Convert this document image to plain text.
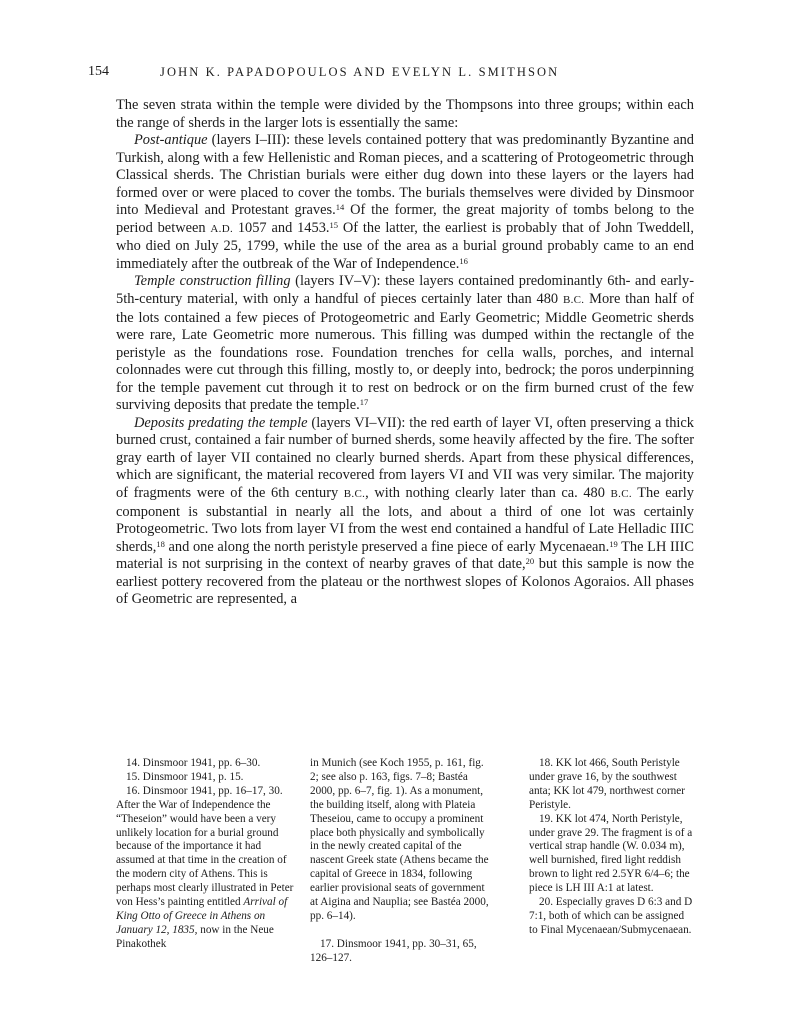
154	JOHN K. PAPADOPOULOS AND EVELYN L. SMITHSON

The seven strata within the temple were divided by the Thompsons into three groups; within each the range of sherds in the larger lots is essentially the same:

Post-antique (layers I–III): these levels contained pottery that was predominantly Byzantine and Turkish, along with a few Hellenistic and Roman pieces, and a scattering of Protogeometric through Classical sherds. The Christian burials were either dug down into these layers or the layers had formed over or were placed to cover the tombs. The burials themselves were divided by Dinsmoor into Medieval and Protestant graves.$^{14}$ Of the former, the great majority of tombs belong to the period between A.D. 1057 and 1453.15 Of the latter, the earliest is probably that of John Tweddell, who died on July 25, 1799, while the use of the area as a burial ground probably came to an end immediately after the outbreak of the War of Independence.$^{16}$

Temple construction filling (layers IV–V): these layers contained predominantly 6th- and early-5th-century material, with only a handful of pieces certainly later than 480 B.C. More than half of the lots contained a few pieces of Protogeometric and Early Geometric; Middle Geometric sherds were rare, Late Geometric more numerous. This filling was dumped within the rectangle of the peristyle as the foundations rose. Foundation trenches for cella walls, porches, and internal colonnades were cut through this filling, mostly to, or deeply into, bedrock; the poros underpinning for the temple pavement cut through it to rest on bedrock or on the firm burned crust of the few surviving deposits that predate the temple.$^{17}$

Deposits predating the temple (layers VI–VII): the red earth of layer VI, often preserving a thick burned crust, contained a fair number of burned sherds, some heavily affected by the fire. The softer gray earth of layer VII contained no clearly burned sherds. Apart from these physical differences, which are significant, the material recovered from layers VI and VII was very similar. The majority of fragments were of the 6th century B.C., with nothing clearly later than ca. 480 B.C. The early component is substantial in nearly all the lots, and about a third of one lot was certainly Protogeometric. Two lots from layer VI from the west end contained a handful of Late Helladic IIIC sherds,$^{18}$ and one along the north peristyle preserved a fine piece of early Mycenaean.$^{19}$ The LH IIIC material is not surprising in the context of nearby graves of that date,$^{20}$ but this sample is now the earliest pottery recovered from the plateau or the northwest slopes of Kolonos Agoraios. All phases of Geometric are represented, a

14. Dinsmoor 1941, pp. 6–30.

15. Dinsmoor 1941, p. 15.

16. Dinsmoor 1941, pp. 16–17, 30. After the War of Independence the “Theseion” would have been a very unlikely location for a burial ground because of the importance it had assumed at that time in the creation of the modern city of Athens. This is perhaps most clearly illustrated in Peter von Hess’s painting entitled Arrival of King Otto of Greece in Athens on January 12, 1835, now in the Neue Pinakothek

in Munich (see Koch 1955, p. 161, fig. 2; see also p. 163, figs. 7–8; Bastéa 2000, pp. 6–7, fig. 1). As a monument, the building itself, along with Plateia Theseiou, came to occupy a prominent place both physically and symbolically in the newly created capital of the nascent Greek state (Athens became the capital of Greece in 1834, following earlier provisional seats of government at Aigina and Nauplia; see Bastéa 2000, pp. 6–14).

17. Dinsmoor 1941, pp. 30–31, 65, 126–127.

18. KK lot 466, South Peristyle under grave 16, by the southwest anta; KK lot 479, northwest corner Peristyle.

19. KK lot 474, North Peristyle, under grave 29. The fragment is of a vertical strap handle (W. 0.034 m), well burnished, fired light reddish brown to light red 2.5YR 6/4–6; the piece is LH III A:1 at latest.

20. Especially graves D 6:3 and D 7:1, both of which can be assigned to Final Mycenaean/Submycenaean.
